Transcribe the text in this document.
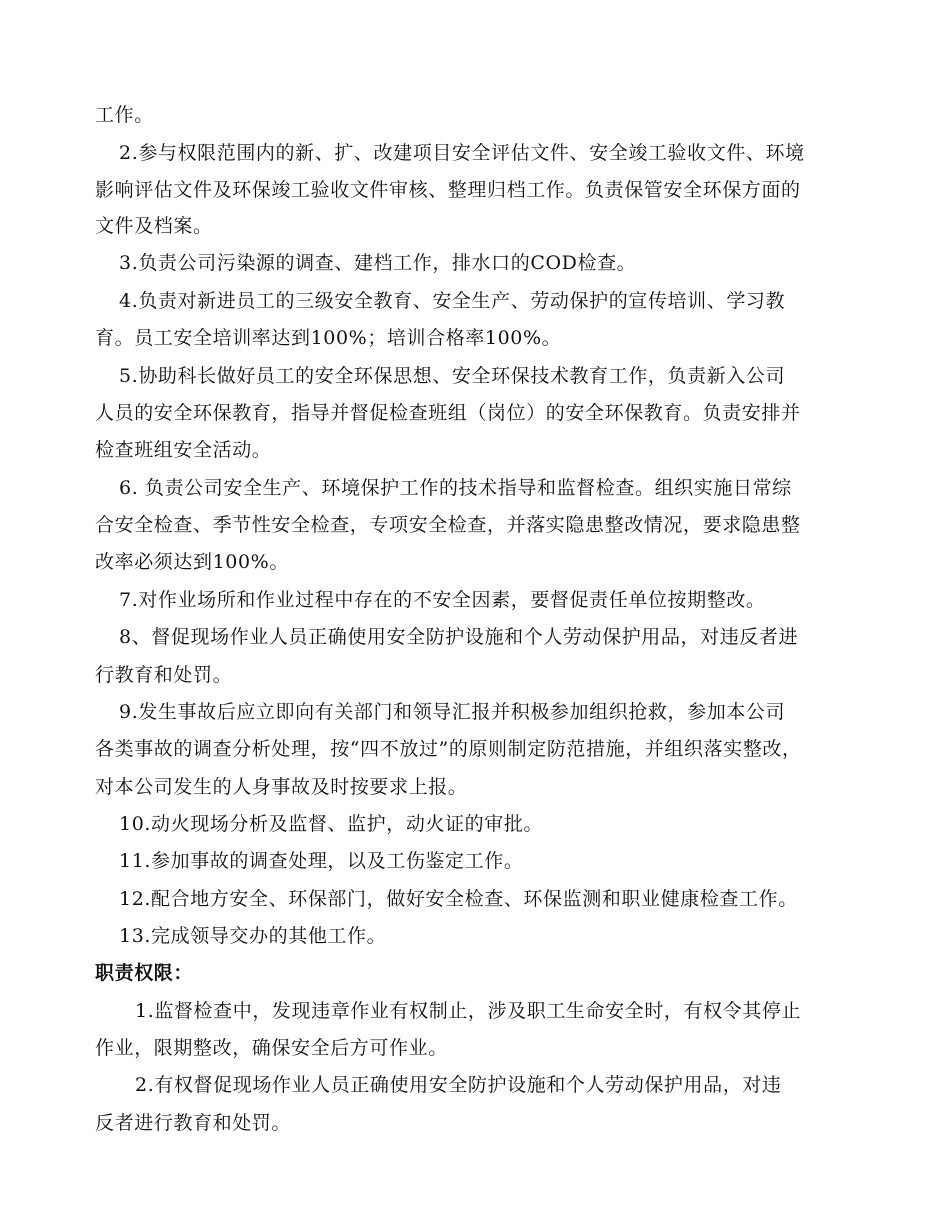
工作。
2.参与权限范围内的新、扩、改建项目安全评估文件、安全竣工验收文件、环境
影响评估文件及环保竣工验收文件审核、整理归档工作。负责保管安全环保方面的
文件及档案。
3.负责公司污染源的调查、建档工作，排水口的COD检查。
4.负责对新进员工的三级安全教育、安全生产、劳动保护的宣传培训、学习教
育。员工安全培训率达到100%；培训合格率100%。
5.协助科长做好员工的安全环保思想、安全环保技术教育工作，负责新入公司
人员的安全环保教育，指导并督促检查班组（岗位）的安全环保教育。负责安排并
检查班组安全活动。
6. 负责公司安全生产、环境保护工作的技术指导和监督检查。组织实施日常综
合安全检查、季节性安全检查，专项安全检查，并落实隐患整改情况，要求隐患整
改率必须达到100%。
7.对作业场所和作业过程中存在的不安全因素，要督促责任单位按期整改。
8、督促现场作业人员正确使用安全防护设施和个人劳动保护用品，对违反者进
行教育和处罚。
9.发生事故后应立即向有关部门和领导汇报并积极参加组织抢救，参加本公司
各类事故的调查分析处理，按“四不放过”的原则制定防范措施，并组织落实整改，
对本公司发生的人身事故及时按要求上报。
10.动火现场分析及监督、监护，动火证的审批。
11.参加事故的调查处理，以及工伤鉴定工作。
12.配合地方安全、环保部门，做好安全检查、环保监测和职业健康检查工作。
13.完成领导交办的其他工作。
职责权限：
1.监督检查中，发现违章作业有权制止，涉及职工生命安全时，有权令其停止
作业，限期整改，确保安全后方可作业。
2.有权督促现场作业人员正确使用安全防护设施和个人劳动保护用品，对违
反者进行教育和处罚。
